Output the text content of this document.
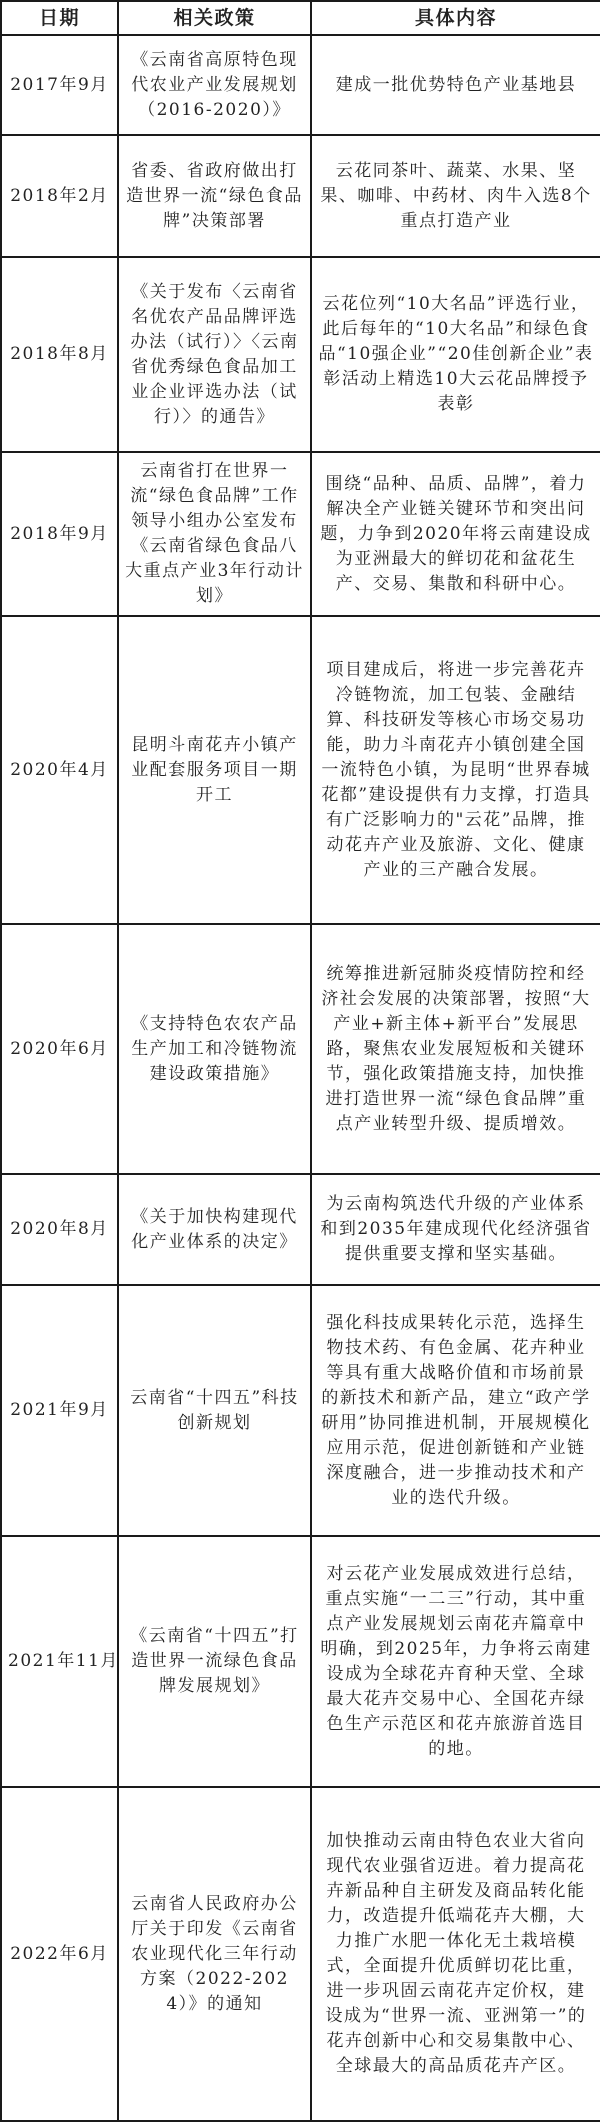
日期	相关政策	具体内容
2017年9月	《云南省高原特色现代农业产业发展规划（2016-2020）》	建成一批优势特色产业基地县
2018年2月	省委、省政府做出打造世界一流“绿色食品牌”决策部署	云花同茶叶、蔬菜、水果、坚果、咖啡、中药材、肉牛入选8个重点打造产业
2018年8月	《关于发布〈云南省名优农产品品牌评选办法（试行）〉〈云南省优秀绿色食品加工业企业评选办法（试行）〉的通告》	云花位列“10大名品”评选行业，此后每年的“10大名品”和绿色食品“10强企业”“20佳创新企业”表彰活动上精选10大云花品牌授予表彰
2018年9月	云南省打在世界一流“绿色食品牌”工作领导小组办公室发布《云南省绿色食品八大重点产业3年行动计划》	围绕“品种、品质、品牌”，着力解决全产业链关键环节和突出问题，力争到2020年将云南建设成为亚洲最大的鲜切花和盆花生产、交易、集散和科研中心。
2020年4月	昆明斗南花卉小镇产业配套服务项目一期开工	项目建成后，将进一步完善花卉冷链物流，加工包装、金融结算、科技研发等核心市场交易功能，助力斗南花卉小镇创建全国一流特色小镇，为昆明“世界春城花都”建设提供有力支撑，打造具有广泛影响力的"云花”品牌，推动花卉产业及旅游、文化、健康产业的三产融合发展。
2020年6月	《支持特色农农产品生产加工和冷链物流建设政策措施》	统筹推进新冠肺炎疫情防控和经济社会发展的决策部署，按照“大产业+新主体+新平台”发展思路，聚焦农业发展短板和关键环节，强化政策措施支持，加快推进打造世界一流“绿色食品牌”重点产业转型升级、提质增效。
2020年8月	《关于加快构建现代化产业体系的决定》	为云南构筑迭代升级的产业体系和到2035年建成现代化经济强省提供重要支撑和坚实基础。
2021年9月	云南省“十四五”科技创新规划	强化科技成果转化示范，选择生物技术药、有色金属、花卉种业等具有重大战略价值和市场前景的新技术和新产品，建立“政产学研用”协同推进机制，开展规模化应用示范，促进创新链和产业链深度融合，进一步推动技术和产业的迭代升级。
2021年11月	《云南省“十四五”打造世界一流绿色食品牌发展规划》	对云花产业发展成效进行总结，重点实施“一二三”行动，其中重点产业发展规划云南花卉篇章中明确，到2025年，力争将云南建设成为全球花卉育种天堂、全球最大花卉交易中心、全国花卉绿色生产示范区和花卉旅游首选目的地。
2022年6月	云南省人民政府办公厅关于印发《云南省农业现代化三年行动方案（2022-2024）》的通知	加快推动云南由特色农业大省向现代农业强省迈进。着力提高花卉新品种自主研发及商品转化能力，改造提升低端花卉大棚，大力推广水肥一体化无土栽培模式，全面提升优质鲜切花比重，进一步巩固云南花卉定价权，建设成为“世界一流、亚洲第一”的花卉创新中心和交易集散中心、全球最大的高品质花卉产区。
